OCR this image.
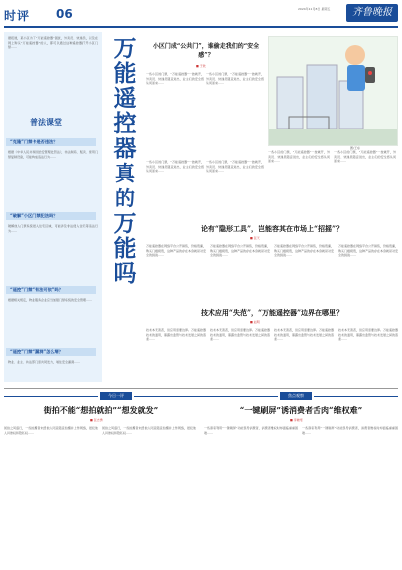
时评 06	2024年11月8日 星期五	齐鲁晚报
据报道，某小区为了“万能遥控器”困扰，外卖员、快递员，以及在网上购买“万能遥控器”的人，都可以通过这种遥控器打开小区门禁……
普法课堂
“克隆”门禁卡是否违法？
根据《中华人民共和国治安管理处罚法》，非法制造、贩卖、使用门禁复制设备，可能构成违法行为……
“破解”小区门禁犯法吗？
破解他人门禁系统侵入住宅区域，可能涉及非法侵入住宅等违法行为……
“遥控”门禁“有法可依”吗？
根据相关规定，物业服务企业应当加强门禁系统的安全管理……
“遥控”门禁“漏洞”怎么堵？
物业、业主、执法部门需共同发力，堵住安全漏洞……
万
能
遥
控
器
真
的
万
能
吗
小区门成“公共门”，谁偷走我们的“安全感”？
■ 于欣
一些小区的门禁，“万能遥控器”一按就开，外卖员、快递员随意进出，业主们的安全感从何而来……
一些小区的门禁，“万能遥控器”一按就开，外卖员、快递员随意进出，业主们的安全感从何而来……
一些小区的门禁，“万能遥控器”一按就开，外卖员、快递员随意进出，业主们的安全感从何而来……
一些小区的门禁，“万能遥控器”一按就开，外卖员、快递员随意进出，业主们的安全感从何而来……
一些小区的门禁，“万能遥控器”一按就开，外卖员、快递员随意进出，业主们的安全感从何而来……
一些小区的门禁，“万能遥控器”一按就开，外卖员、快递员随意进出，业主们的安全感从何而来……
图/王东
论有“隐形工具”，岂能容其在市场上“招摇”？
■ 张天
万能遥控器在网络平台公开销售，价格低廉，购买门槛极低，这种产品的存在本身就是对安全的挑战……
万能遥控器在网络平台公开销售，价格低廉，购买门槛极低，这种产品的存在本身就是对安全的挑战……
万能遥控器在网络平台公开销售，价格低廉，购买门槛极低，这种产品的存在本身就是对安全的挑战……
万能遥控器在网络平台公开销售，价格低廉，购买门槛极低，这种产品的存在本身就是对安全的挑战……
技术应用“失范”，“万能遥控器”边界在哪里？
■ 赵明
技术本无善恶，但应用需要边界。万能遥控器技术的滥用，暴露出监管与技术发展之间的落差……
技术本无善恶，但应用需要边界。万能遥控器技术的滥用，暴露出监管与技术发展之间的落差……
技术本无善恶，但应用需要边界。万能遥控器技术的滥用，暴露出监管与技术发展之间的落差……
技术本无善恶，但应用需要边界。万能遥控器技术的滥用，暴露出监管与技术发展之间的落差……
今日一评	焦点观察
街拍不能“想拍就拍”“想发就发”
■ 张志勇
街拍之风盛行，一些拍摄者未经他人同意随意拍摄并上传网络，侵犯他人肖像权和隐私权……
街拍之风盛行，一些拍摄者未经他人同意随意拍摄并上传网络，侵犯他人肖像权和隐私权……
“一键刷屏”诱消费者舌肉“维权难”
■ 李晓雯
一些商家利用“一键刷屏”功能误导消费者，消费者维权时却面临重重困难……
一些商家利用“一键刷屏”功能误导消费者，消费者维权时却面临重重困难……
